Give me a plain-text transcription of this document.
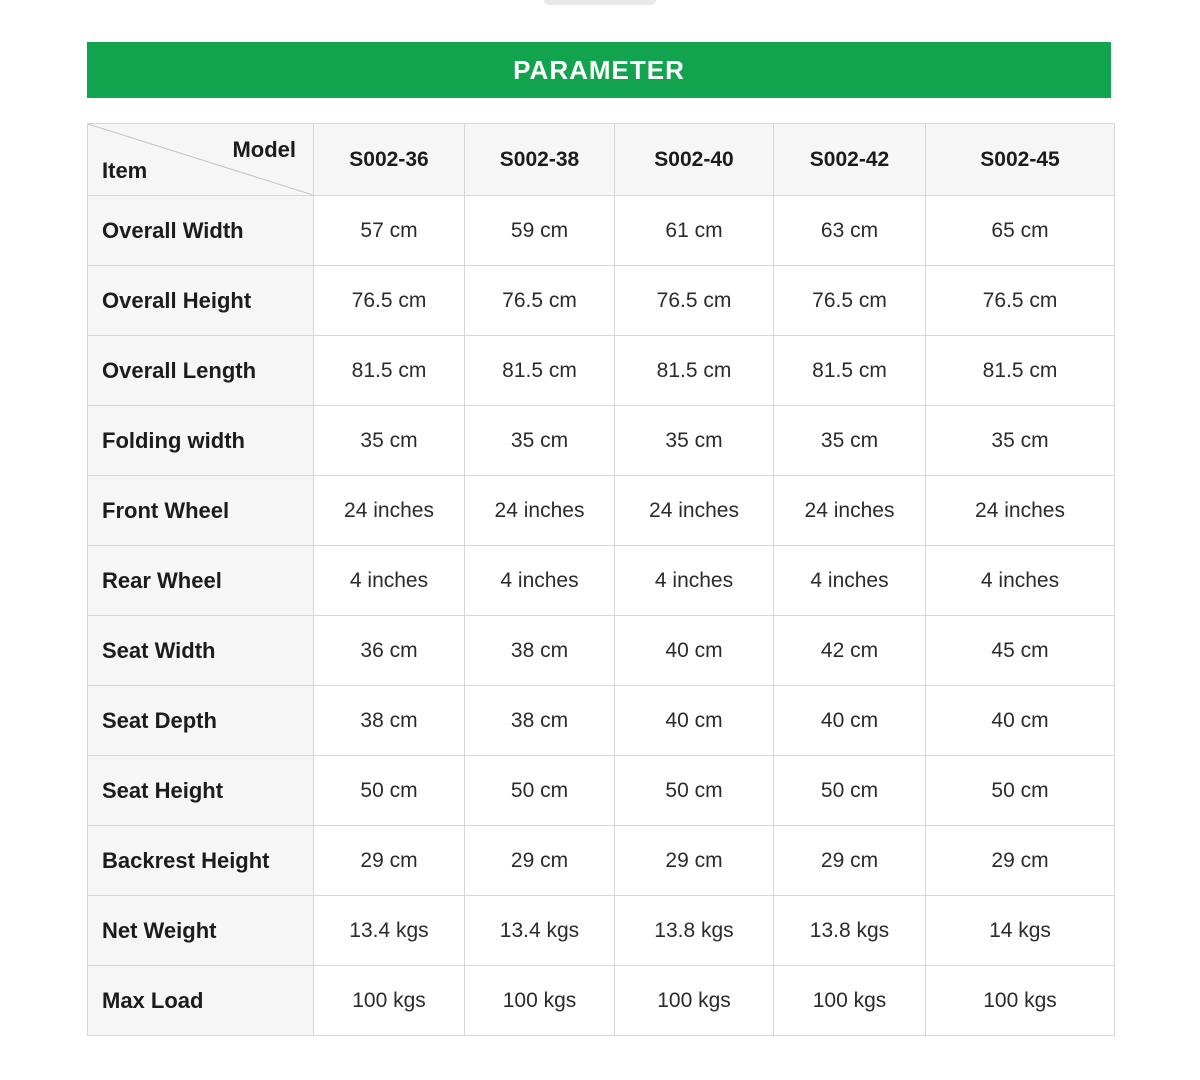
PARAMETER
Model
Item	S002-36	S002-38	S002-40	S002-42	S002-45
Overall Width	57 cm	59 cm	61 cm	63 cm	65 cm
Overall Height	76.5 cm	76.5 cm	76.5 cm	76.5 cm	76.5 cm
Overall Length	81.5 cm	81.5 cm	81.5 cm	81.5 cm	81.5 cm
Folding width	35 cm	35 cm	35 cm	35 cm	35 cm
Front Wheel	24 inches	24 inches	24 inches	24 inches	24 inches
Rear Wheel	4 inches	4 inches	4 inches	4 inches	4 inches
Seat Width	36 cm	38 cm	40 cm	42 cm	45 cm
Seat Depth	38 cm	38 cm	40 cm	40 cm	40 cm
Seat Height	50 cm	50 cm	50 cm	50 cm	50 cm
Backrest Height	29 cm	29 cm	29 cm	29 cm	29 cm
Net Weight	13.4 kgs	13.4 kgs	13.8 kgs	13.8 kgs	14 kgs
Max Load	100 kgs	100 kgs	100 kgs	100 kgs	100 kgs
